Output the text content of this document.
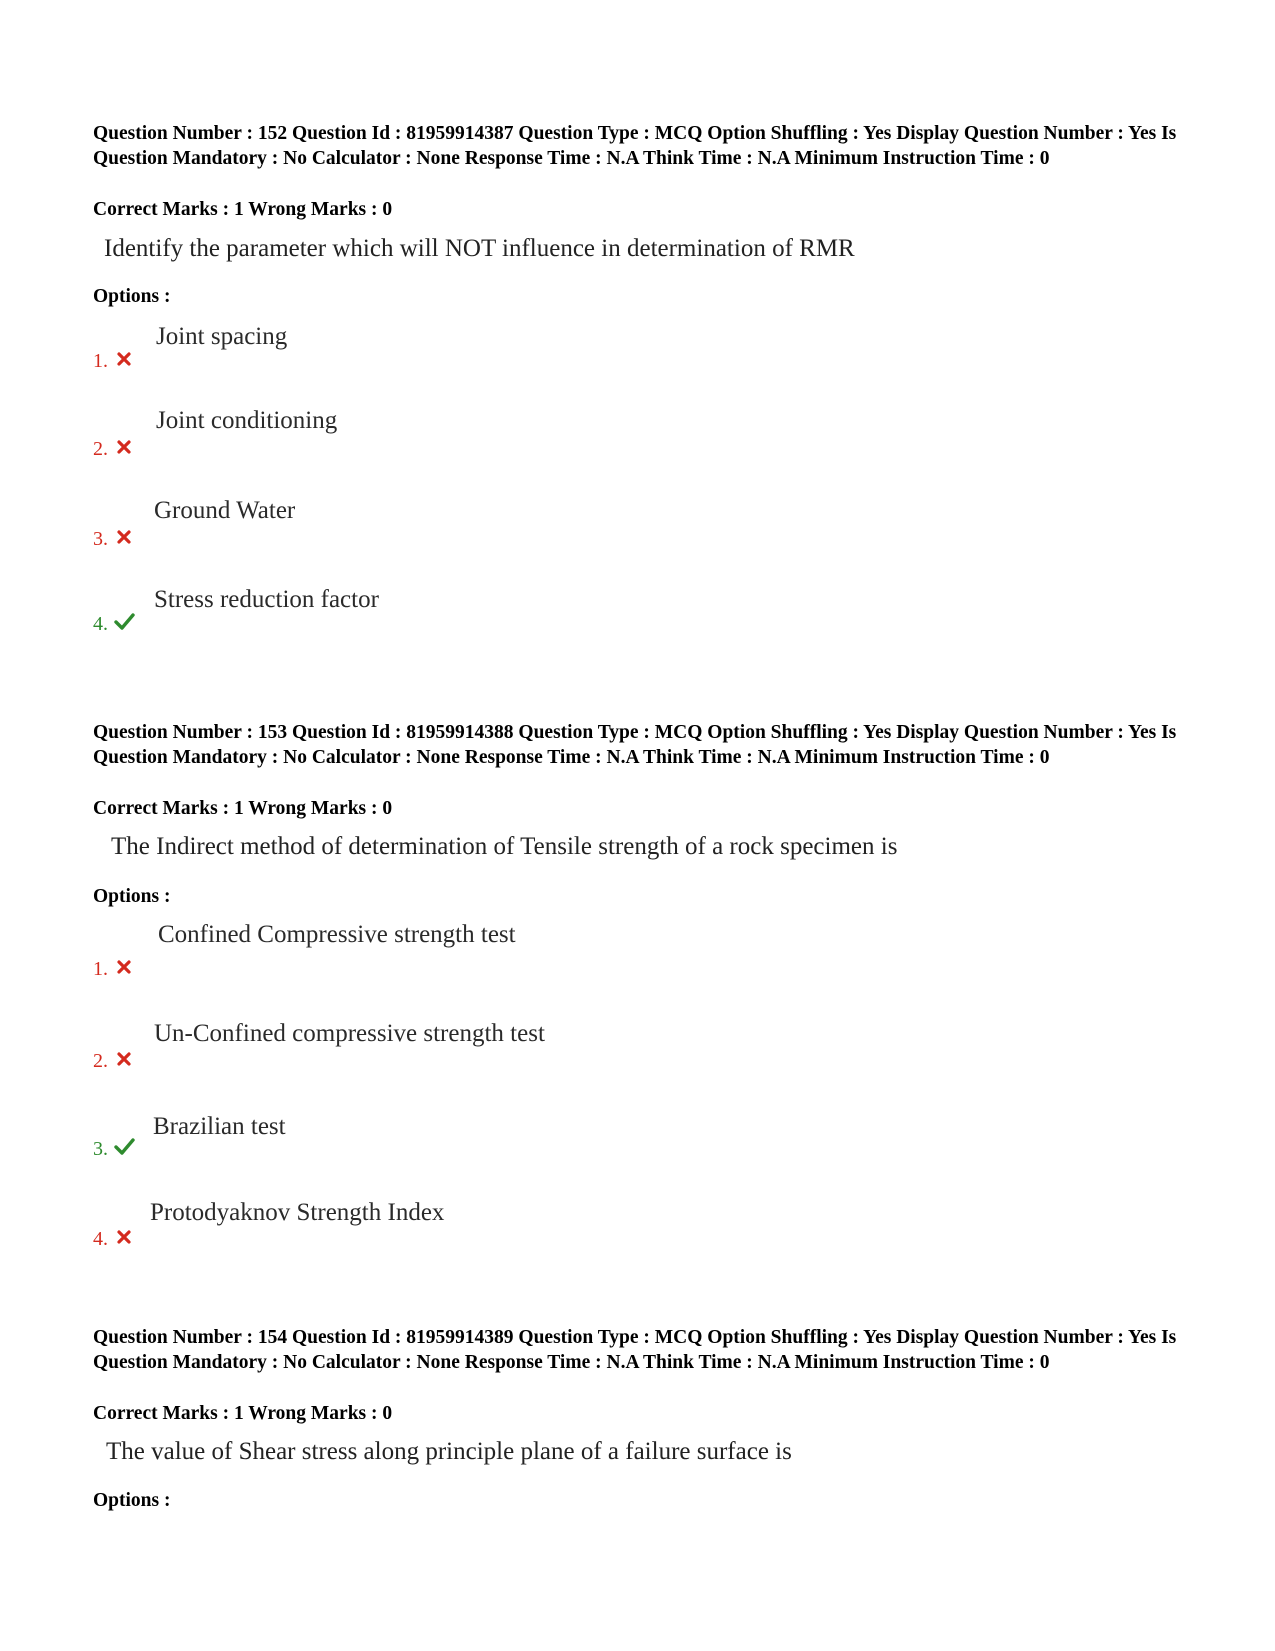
Question Number : 152 Question Id : 81959914387 Question Type : MCQ Option Shuffling : Yes Display Question Number : Yes Is Question Mandatory : No Calculator : None Response Time : N.A Think Time : N.A Minimum Instruction Time : 0

Correct Marks : 1 Wrong Marks : 0

Identify the parameter which will NOT influence in determination of RMR
Options :
Joint spacing
1.
Joint conditioning
2.
Ground Water
3.
Stress reduction factor
4.

Question Number : 153 Question Id : 81959914388 Question Type : MCQ Option Shuffling : Yes Display Question Number : Yes Is Question Mandatory : No Calculator : None Response Time : N.A Think Time : N.A Minimum Instruction Time : 0

Correct Marks : 1 Wrong Marks : 0

The Indirect method of determination of Tensile strength of a rock specimen is
Options :
Confined Compressive strength test
1.
Un-Confined compressive strength test
2.
Brazilian test
3.
Protodyaknov Strength Index
4.

Question Number : 154 Question Id : 81959914389 Question Type : MCQ Option Shuffling : Yes Display Question Number : Yes Is Question Mandatory : No Calculator : None Response Time : N.A Think Time : N.A Minimum Instruction Time : 0

Correct Marks : 1 Wrong Marks : 0

The value of Shear stress along principle plane of a failure surface is
Options :
